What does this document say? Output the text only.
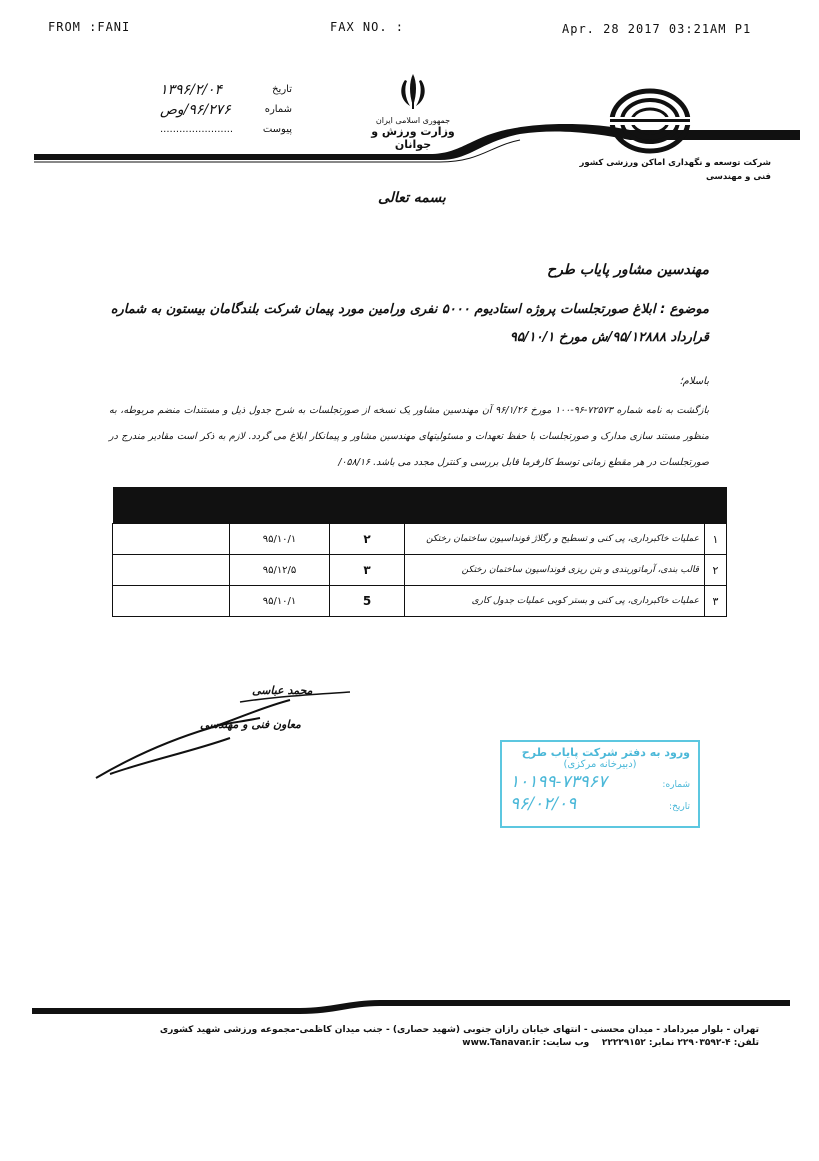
FROM :FANI	FAX NO. :	Apr. 28 2017 03:21AM P1
تاریخ
۱۳۹۶/۲/۰۴
شماره
۹۶/۲۷۶/وص
پیوست
.......................
جمهوری اسلامی ایران
وزارت ورزش و جوانان
شرکت توسعه و نگهداری اماکن ورزشی کشور
فنی و مهندسی
بسمه تعالی
مهندسین مشاور پایاب طرح
موضوع : ابلاغ صورتجلسات پروژه استادیوم ۵۰۰۰ نفری ورامین مورد پیمان شرکت بلندگامان بیستون به شماره قرارداد ۹۵/۱۲۸۸۸/ش مورخ ۹۵/۱۰/۱
باسلام؛
بازگشت به نامه شماره ۷۲۵۷۳-۹۶-۱۰۰ مورخ ۹۶/۱/۲۶ آن مهندسین مشاور یک نسخه از صورتجلسات به شرح جدول ذیل و مستندات منضم مربوطه، به منظور مستند سازی مدارک و صورتجلسات با حفظ تعهدات و مسئولیتهای مهندسین مشاور و پیمانکار ابلاغ می گردد. لازم به ذکر است مقادیر مندرج در صورتجلسات در هر مقطع زمانی توسط کارفرما قابل بررسی و کنترل مجدد می باشد. ۰۵۸/۱۶/

۱	عملیات خاکبرداری، پی کنی و تسطیح و رگلاژ فونداسیون ساختمان رختکن	۲	۹۵/۱۰/۱	
۲	قالب بندی، آرماتوربندی و بتن ریزی فونداسیون ساختمان رختکن	۳	۹۵/۱۲/۵	
۳	عملیات خاکبرداری، پی کنی و بستر کوبی عملیات جدول کاری	5	۹۵/۱۰/۱	
محمد عباسی
معاون فنی و مهندسی
ورود به دفتر شرکت پایاب طرح
(دبیرخانه مرکزی)
شماره:
۱۰۱۹۹-۷۳۹۶۷
تاریخ:
۹۶/۰۲/۰۹
تهران - بلوار میرداماد - میدان محسنی - انتهای خیابان رازان جنوبی (شهید حصاری) - جنب میدان کاظمی-مجموعه ورزشی شهید کشوری
تلفن: ۴-۲۲۹۰۳۵۹۲ نمابر: ۲۲۲۲۹۱۵۲    وب سایت: www.Tanavar.ir
